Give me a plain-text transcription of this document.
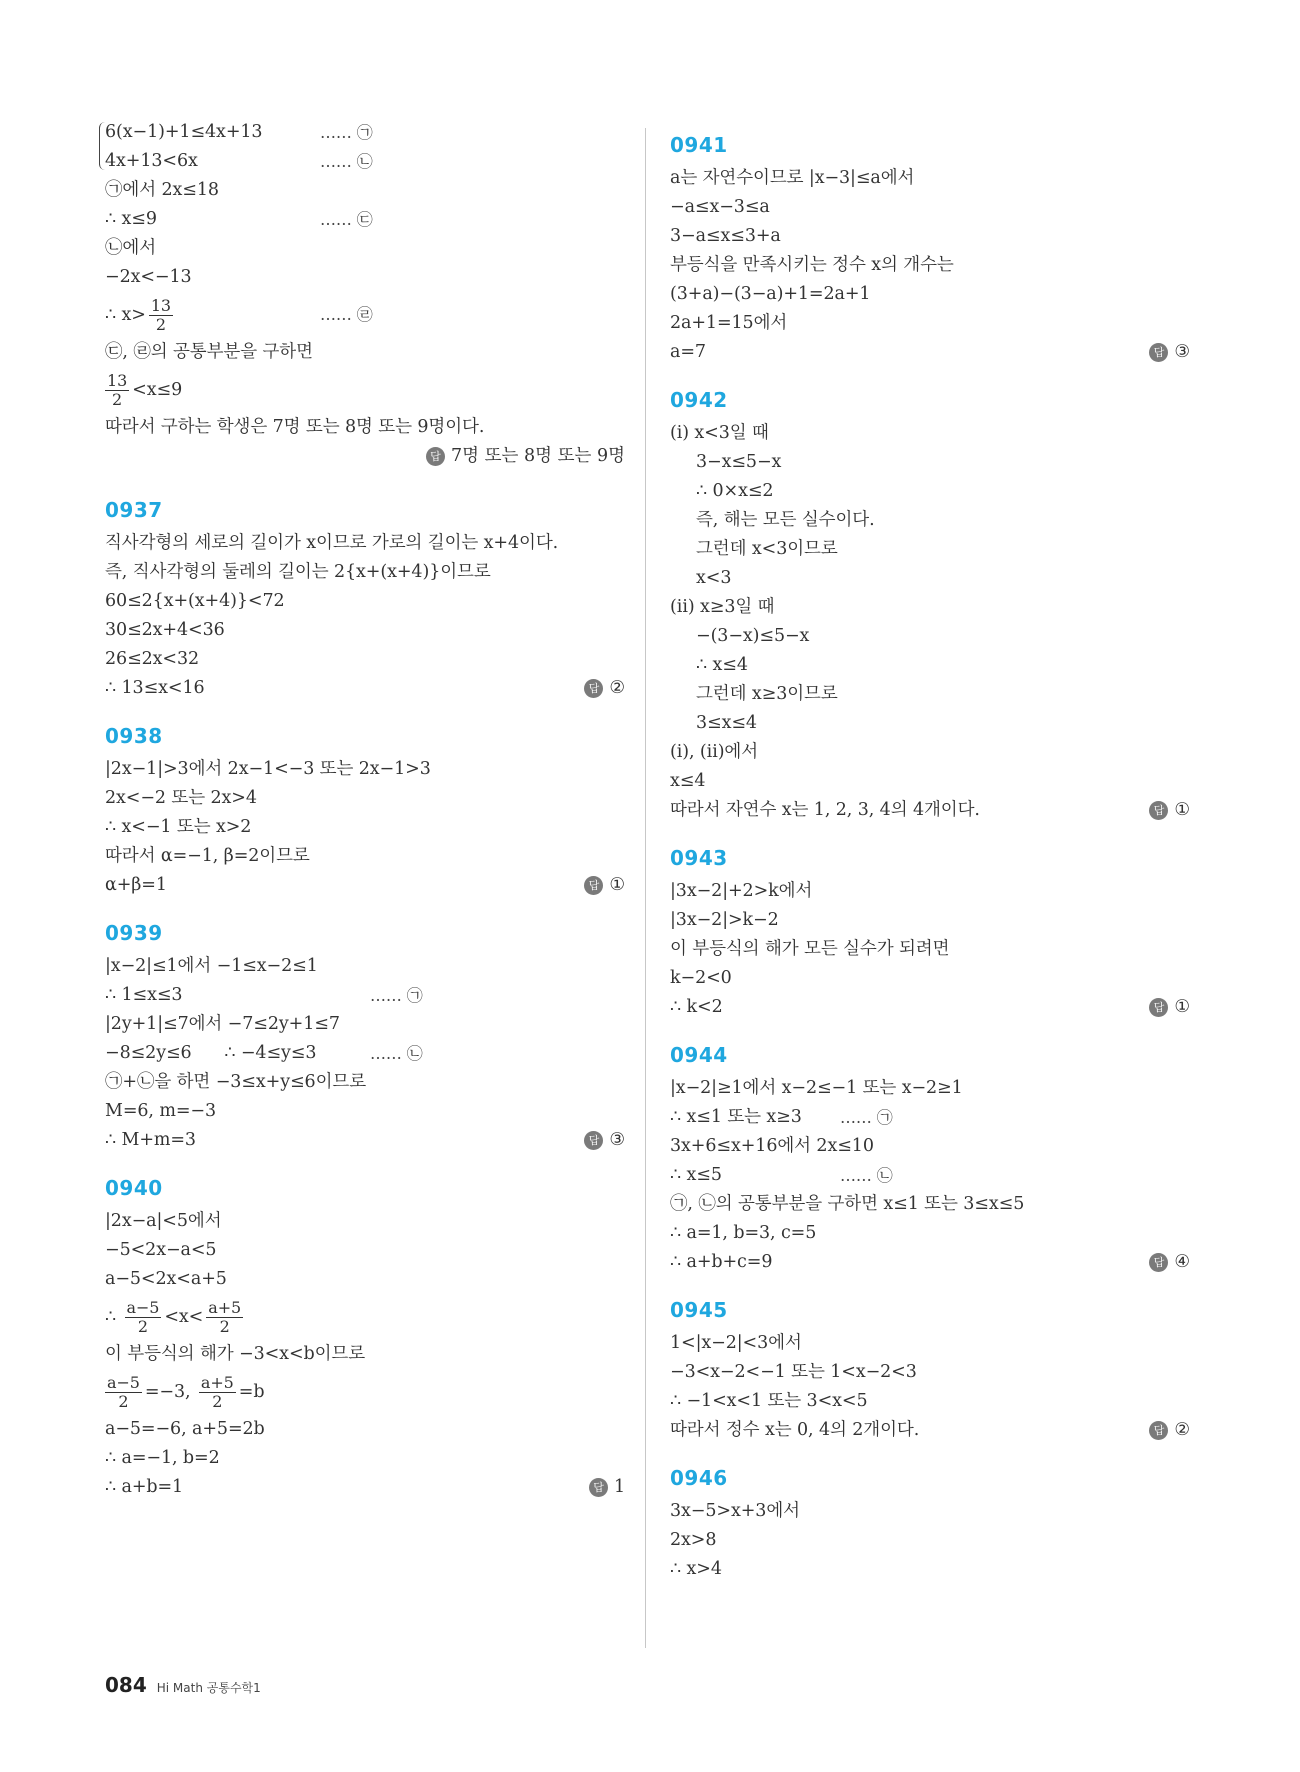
6(x−1)+1≤4x+13	…… ㉠
4x+13<6x	…… ㉡
㉠에서 2x≤18
∴ x≤9	…… ㉢
㉡에서
−2x<−13
∴ $x> \frac{13}{2}$	…… ㉣
㉢, ㉣의 공통부분을 구하면
$\frac{13}{2} <x\le 9$
따라서 구하는 학생은 7명 또는 8명 또는 9명이다.
답 7명 또는 8명 또는 9명
0937
직사각형의 세로의 길이가 x이므로 가로의 길이는 x+4이다.
즉, 직사각형의 둘레의 길이는 2{x+(x+4)}이므로
60≤2{x+(x+4)}<72
30≤2x+4<36
26≤2x<32
∴ 13≤x<16	답 ②
0938
|2x−1|>3에서 2x−1<−3 또는 2x−1>3
2x<−2 또는 2x>4
∴ x<−1 또는 x>2
따라서 α=−1, β=2이므로
α+β=1	답 ①
0939
|x−2|≤1에서 −1≤x−2≤1
∴ 1≤x≤3	…… ㉠
|2y+1|≤7에서 −7≤2y+1≤7
−8≤2y≤6      ∴ −4≤y≤3	…… ㉡
㉠+㉡을 하면 −3≤x+y≤6이므로
M=6, m=−3
∴ M+m=3	답 ③
0940
|2x−a|<5에서
−5<2x−a<5
a−5<2x<a+5
∴ $\frac{a-5}{2} <x< \frac{a+5}{2}$
이 부등식의 해가 −3<x<b이므로
$\frac{a-5}{2} =-3$, $\frac{a+5}{2} =b$
a−5=−6, a+5=2b
∴ a=−1, b=2
∴ a+b=1	답 1
0941
a는 자연수이므로 |x−3|≤a에서
−a≤x−3≤a
3−a≤x≤3+a
부등식을 만족시키는 정수 x의 개수는
(3+a)−(3−a)+1=2a+1
2a+1=15에서
a=7	답 ③
0942
(ⅰ) x<3일 때
3−x≤5−x
∴ 0×x≤2
즉, 해는 모든 실수이다.
그런데 x<3이므로
x<3
(ⅱ) x≥3일 때
−(3−x)≤5−x
∴ x≤4
그런데 x≥3이므로
3≤x≤4
(ⅰ), (ⅱ)에서
x≤4
따라서 자연수 x는 1, 2, 3, 4의 4개이다.	답 ①
0943
|3x−2|+2>k에서
|3x−2|>k−2
이 부등식의 해가 모든 실수가 되려면
k−2<0
∴ k<2	답 ①
0944
|x−2|≥1에서 x−2≤−1 또는 x−2≥1
∴ x≤1 또는 x≥3 …… ㉠
3x+6≤x+16에서 2x≤10
∴ x≤5	…… ㉡
㉠, ㉡의 공통부분을 구하면 x≤1 또는 3≤x≤5
∴ a=1, b=3, c=5
∴ a+b+c=9	답 ④
0945
1<|x−2|<3에서
−3<x−2<−1 또는 1<x−2<3
∴ −1<x<1 또는 3<x<5
따라서 정수 x는 0, 4의 2개이다.	답 ②
0946
3x−5>x+3에서
2x>8
∴ x>4
084 Hi Math 공통수학1
